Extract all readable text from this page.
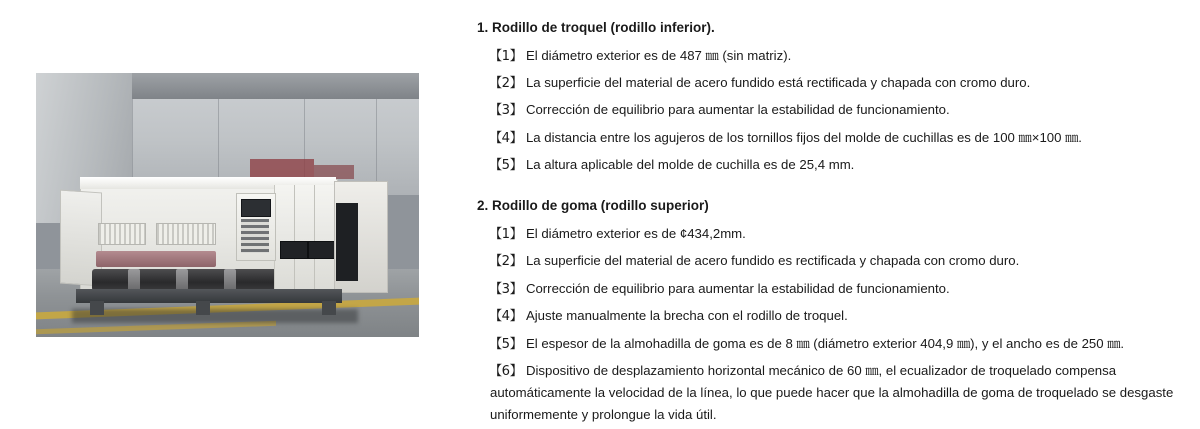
1. Rodillo de troquel (rodillo inferior).

【1】 El diámetro exterior es de 487 ㎜ (sin matriz).

【2】 La superficie del material de acero fundido está rectificada y chapada con cromo duro.

【3】 Corrección de equilibrio para aumentar la estabilidad de funcionamiento.

【4】 La distancia entre los agujeros de los tornillos fijos del molde de cuchillas es de 100 ㎜×100 ㎜.

【5】 La altura aplicable del molde de cuchilla es de 25,4 mm.

2. Rodillo de goma (rodillo superior)

【1】 El diámetro exterior es de ¢434,2mm.

【2】 La superficie del material de acero fundido es rectificada y chapada con cromo duro.

【3】 Corrección de equilibrio para aumentar la estabilidad de funcionamiento.

【4】 Ajuste manualmente la brecha con el rodillo de troquel.

【5】 El espesor de la almohadilla de goma es de 8 ㎜ (diámetro exterior 404,9 ㎜), y el ancho es de 250 ㎜.

【6】 Dispositivo de desplazamiento horizontal mecánico de 60 ㎜, el ecualizador de troquelado compensa automáticamente la velocidad de la línea, lo que puede hacer que la almohadilla de goma de troquelado se desgaste uniformemente y prolongue la vida útil.
